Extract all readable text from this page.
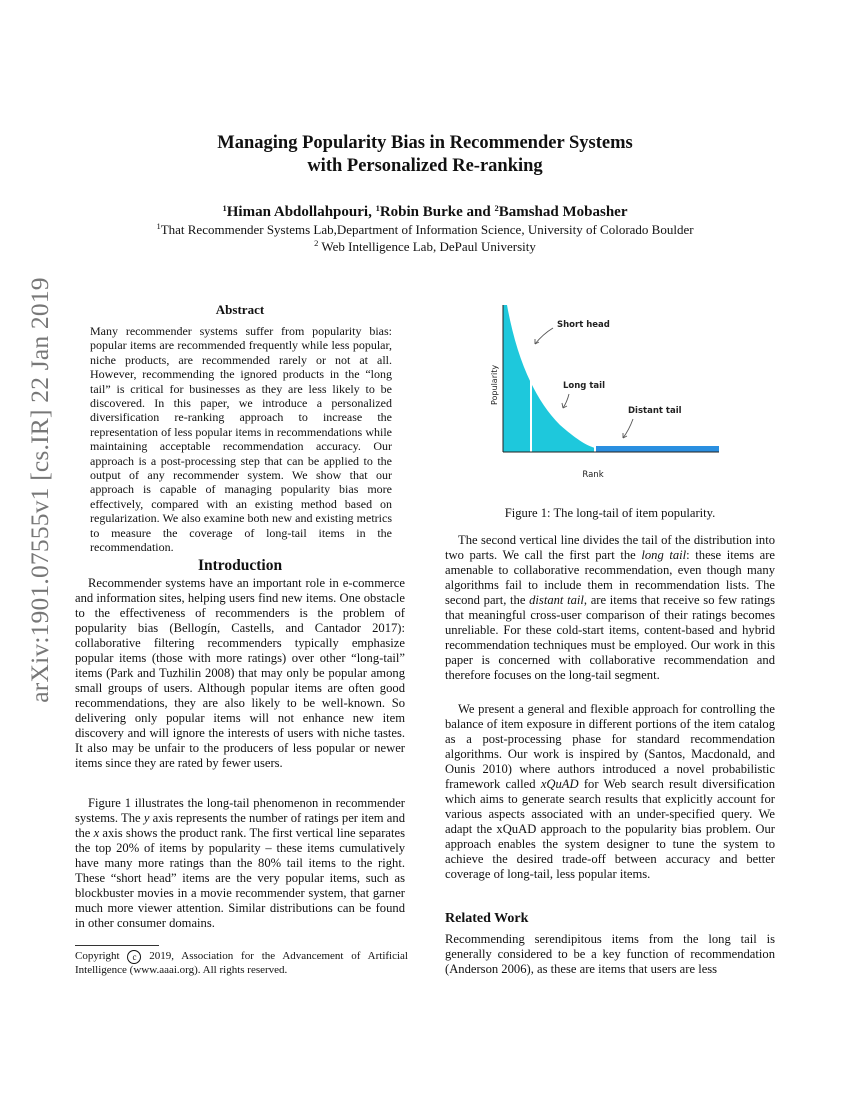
arXiv:1901.07555v1 [cs.IR] 22 Jan 2019
Managing Popularity Bias in Recommender Systems
with Personalized Re-ranking
$^1$Himan Abdollahpouri, $^1$Robin Burke and $^2$Bamshad Mobasher
$^1$That Recommender Systems Lab,Department of Information Science, University of Colorado Boulder
$^2$ Web Intelligence Lab, DePaul University
Abstract
Many recommender systems suffer from popularity bias: popular items are recommended frequently while less popular, niche products, are recommended rarely or not at all. However, recommending the ignored products in the “long tail” is critical for businesses as they are less likely to be discovered. In this paper, we introduce a personalized diversification re-ranking approach to increase the representation of less popular items in recommendations while maintaining acceptable recommendation accuracy. Our approach is a post-processing step that can be applied to the output of any recommender system. We show that our approach is capable of managing popularity bias more effectively, compared with an existing method based on regularization. We also examine both new and existing metrics to measure the coverage of long-tail items in the recommendation.
Introduction
Recommender systems have an important role in e-commerce and information sites, helping users find new items. One obstacle to the effectiveness of recommenders is the problem of popularity bias (Bellogín, Castells, and Cantador 2017): collaborative filtering recommenders typically emphasize popular items (those with more ratings) over other “long-tail” items (Park and Tuzhilin 2008) that may only be popular among small groups of users. Although popular items are often good recommendations, they are also likely to be well-known. So delivering only popular items will not enhance new item discovery and will ignore the interests of users with niche tastes. It also may be unfair to the producers of less popular or newer items since they are rated by fewer users.
Figure 1 illustrates the long-tail phenomenon in recommender systems. The y axis represents the number of ratings per item and the x axis shows the product rank. The first vertical line separates the top 20% of items by popularity – these items cumulatively have many more ratings than the 80% tail items to the right. These “short head” items are the very popular items, such as blockbuster movies in a movie recommender system, that garner much more viewer attention. Similar distributions can be found in other consumer domains.
Copyright c 2019, Association for the Advancement of Artificial Intelligence (www.aaai.org). All rights reserved.
Popularity
Rank
Short head
Long tail
Distant tail
Figure 1: The long-tail of item popularity.
The second vertical line divides the tail of the distribution into two parts. We call the first part the long tail: these items are amenable to collaborative recommendation, even though many algorithms fail to include them in recommendation lists. The second part, the distant tail, are items that receive so few ratings that meaningful cross-user comparison of their ratings becomes unreliable. For these cold-start items, content-based and hybrid recommendation techniques must be employed. Our work in this paper is concerned with collaborative recommendation and therefore focuses on the long-tail segment.
We present a general and flexible approach for controlling the balance of item exposure in different portions of the item catalog as a post-processing phase for standard recommendation algorithms. Our work is inspired by (Santos, Macdonald, and Ounis 2010) where authors introduced a novel probabilistic framework called xQuAD for Web search result diversification which aims to generate search results that explicitly account for various aspects associated with an under-specified query. We adapt the xQuAD approach to the popularity bias problem. Our approach enables the system designer to tune the system to achieve the desired trade-off between accuracy and better coverage of long-tail, less popular items.
Related Work
Recommending serendipitous items from the long tail is generally considered to be a key function of recommendation (Anderson 2006), as these are items that users are less
